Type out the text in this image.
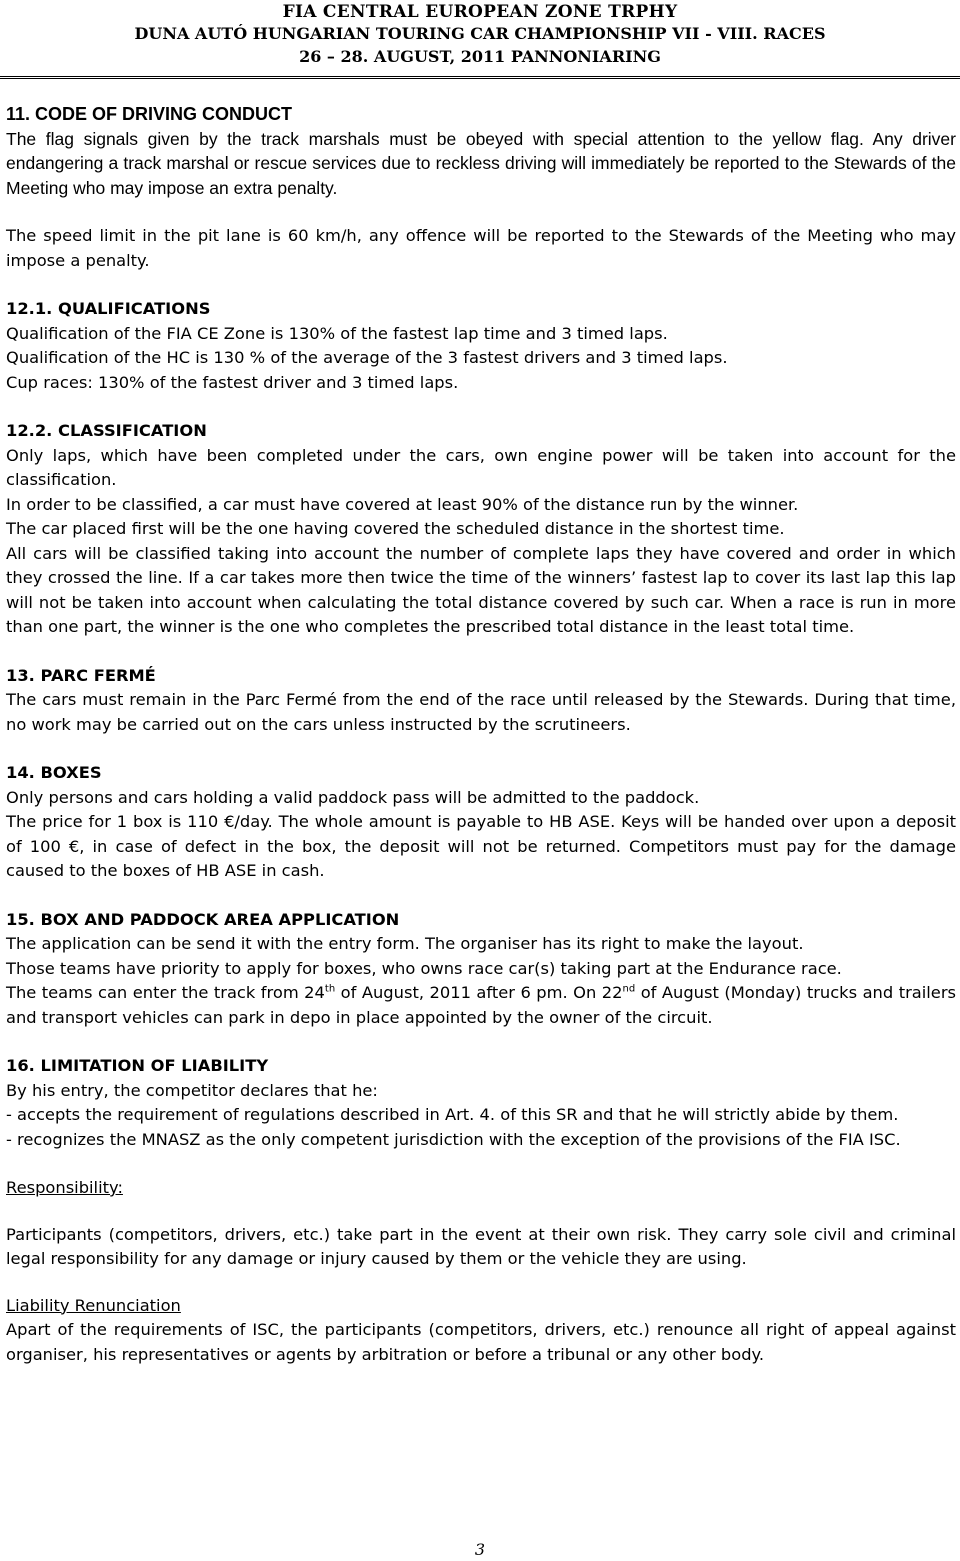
FIA CENTRAL EUROPEAN ZONE TRPHY
DUNA AUTÓ HUNGARIAN TOURING CAR CHAMPIONSHIP VII - VIII. RACES
26 – 28. AUGUST, 2011 PANNONIARING

11. CODE OF DRIVING CONDUCT

The flag signals given by the track marshals must be obeyed with special attention to the yellow flag. Any driver endangering a track marshal or rescue services due to reckless driving will immediately be reported to the Stewards of the Meeting who may impose an extra penalty.

The speed limit in the pit lane is 60 km/h, any offence will be reported to the Stewards of the Meeting who may impose a penalty.

12.1. QUALIFICATIONS

Qualification of the FIA CE Zone is 130% of the fastest lap time and 3 timed laps.

Qualification of the HC is 130 % of the average of the 3 fastest drivers and 3 timed laps.

Cup races: 130% of the fastest driver and 3 timed laps.

12.2. CLASSIFICATION

Only laps, which have been completed under the cars, own engine power will be taken into account for the classification.

In order to be classified, a car must have covered at least 90% of the distance run by the winner.

The car placed first will be the one having covered the scheduled distance in the shortest time.

All cars will be classified taking into account the number of complete laps they have covered and order in which they crossed the line. If a car takes more then twice the time of the winners’ fastest lap to cover its last lap this lap will not be taken into account when calculating the total distance covered by such car. When a race is run in more than one part, the winner is the one who completes the prescribed total distance in the least total time.

13. PARC FERMÉ

The cars must remain in the Parc Fermé from the end of the race until released by the Stewards. During that time, no work may be carried out on the cars unless instructed by the scrutineers.

14. BOXES

Only persons and cars holding a valid paddock pass will be admitted to the paddock.

The price for 1 box is 110 €/day. The whole amount is payable to HB ASE. Keys will be handed over upon a deposit of 100 €, in case of defect in the box, the deposit will not be returned. Competitors must pay for the damage caused to the boxes of HB ASE in cash.

15. BOX AND PADDOCK AREA APPLICATION

The application can be send it with the entry form. The organiser has its right to make the layout.

Those teams have priority to apply for boxes, who owns race car(s) taking part at the Endurance race.

The teams can enter the track from 24th of August, 2011 after 6 pm. On 22nd of August (Monday) trucks and trailers and transport vehicles can park in depo in place appointed by the owner of the circuit.

16. LIMITATION OF LIABILITY

By his entry, the competitor declares that he:

- accepts the requirement of regulations described in Art. 4. of this SR and that he will strictly abide by them.

- recognizes the MNASZ as the only competent jurisdiction with the exception of the provisions of the FIA ISC.

Responsibility:

Participants (competitors, drivers, etc.) take part in the event at their own risk. They carry sole civil and criminal legal responsibility for any damage or injury caused by them or the vehicle they are using.

Liability Renunciation

Apart of the requirements of ISC, the participants (competitors, drivers, etc.) renounce all right of appeal against organiser, his representatives or agents by arbitration or before a tribunal or any other body.

3
